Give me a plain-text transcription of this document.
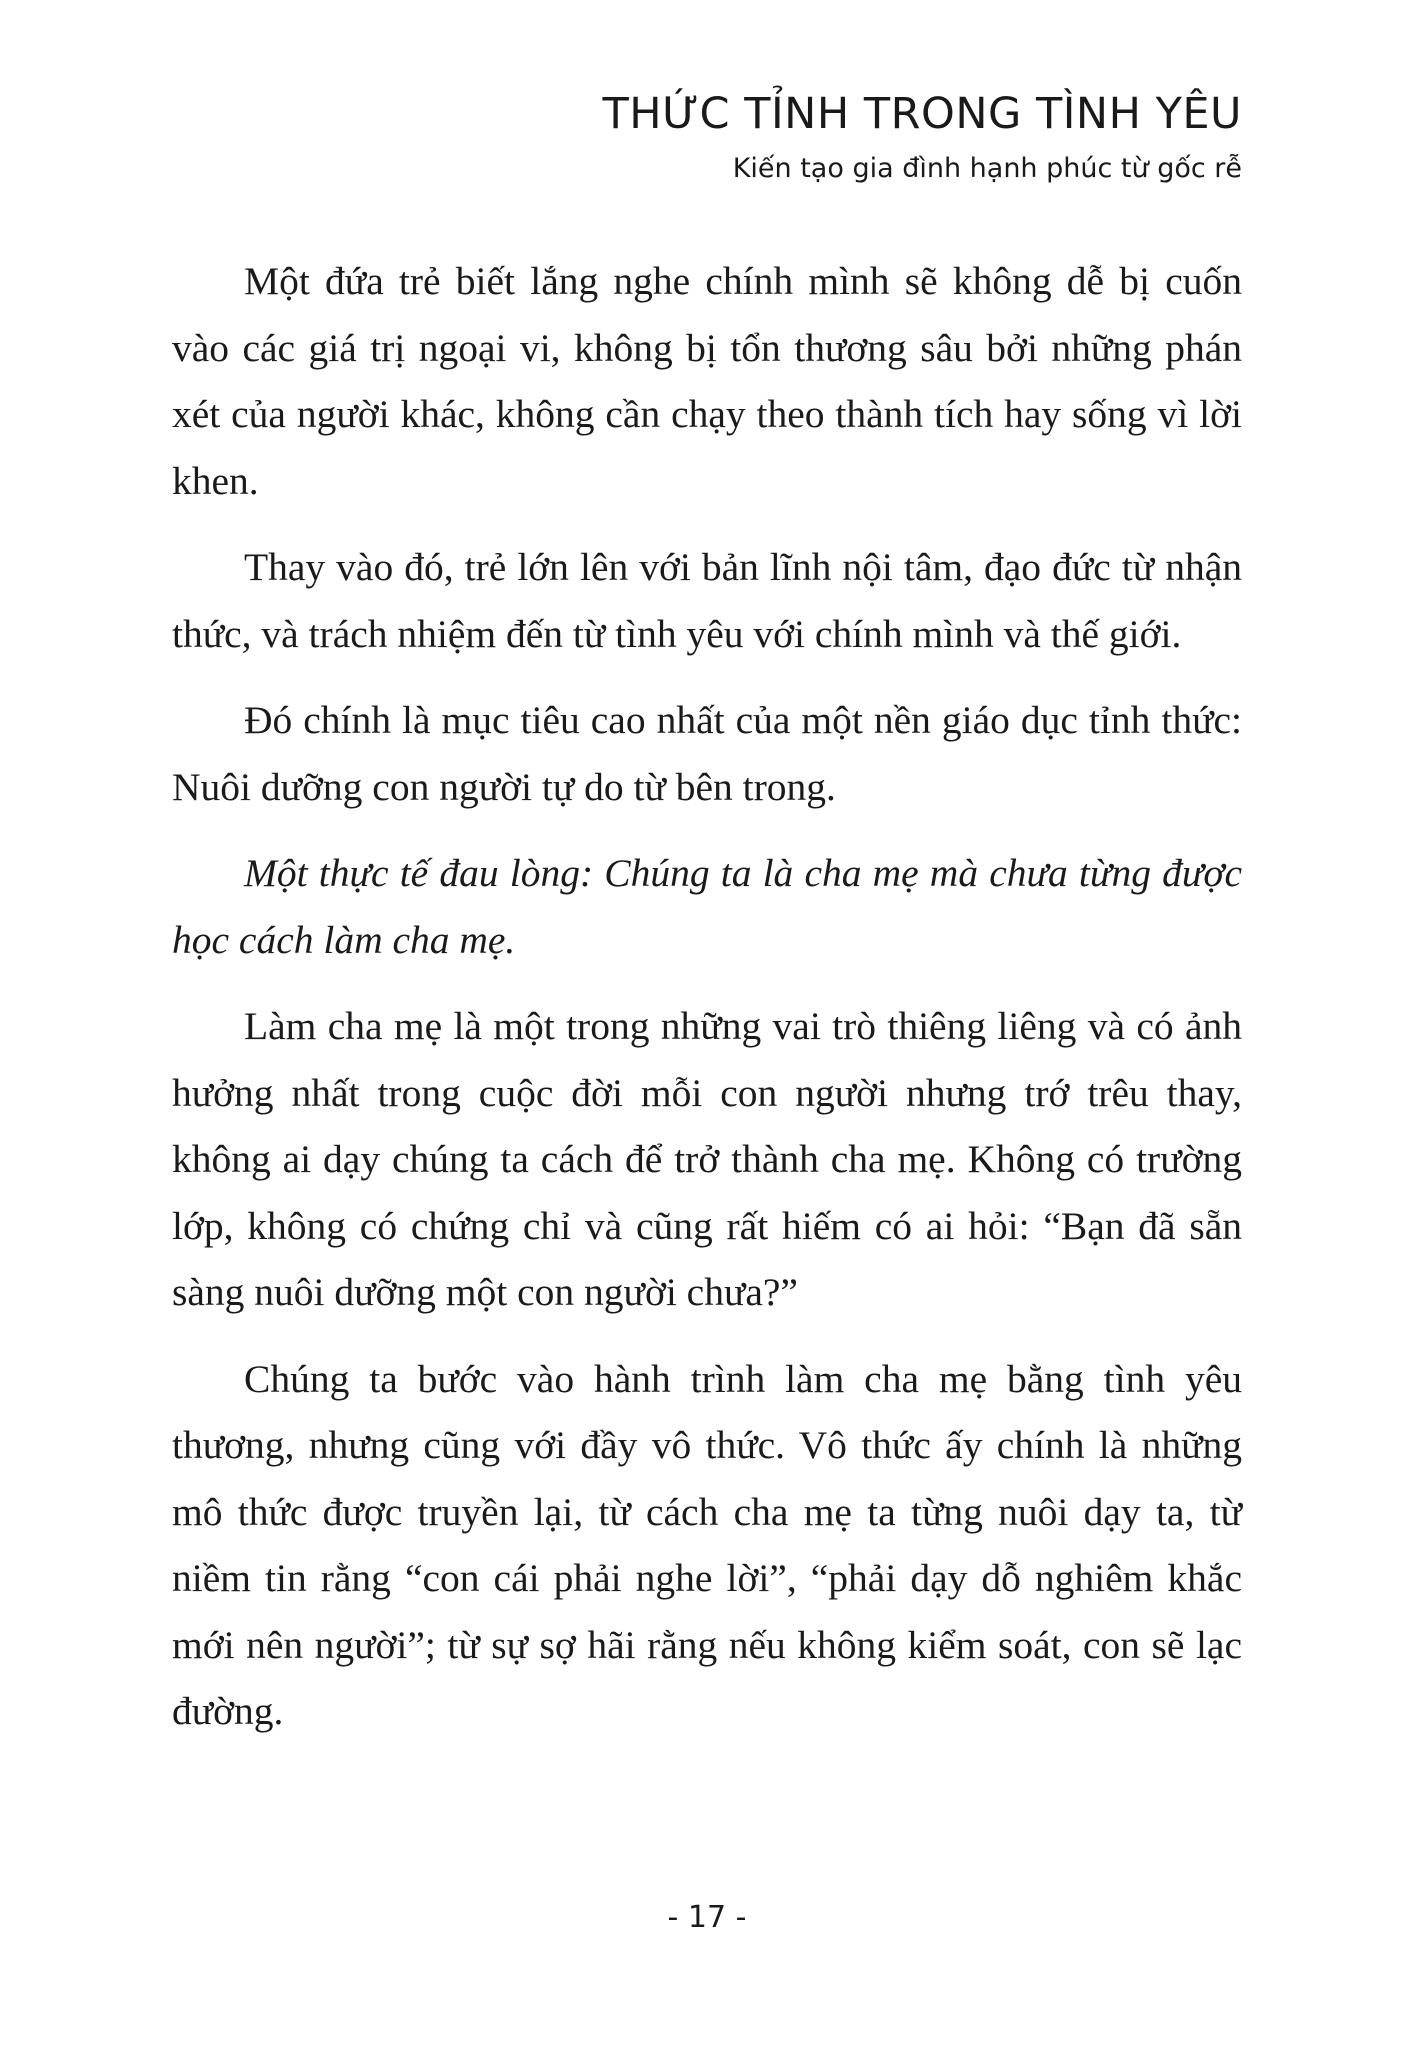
THỨC TỈNH TRONG TÌNH YÊU
Kiến tạo gia đình hạnh phúc từ gốc rễ

Một đứa trẻ biết lắng nghe chính mình sẽ không dễ bị cuốn vào các giá trị ngoại vi, không bị tổn thương sâu bởi những phán xét của người khác, không cần chạy theo thành tích hay sống vì lời khen.

Thay vào đó, trẻ lớn lên với bản lĩnh nội tâm, đạo đức từ nhận thức, và trách nhiệm đến từ tình yêu với chính mình và thế giới.

Đó chính là mục tiêu cao nhất của một nền giáo dục tỉnh thức: Nuôi dưỡng con người tự do từ bên trong.

Một thực tế đau lòng: Chúng ta là cha mẹ mà chưa từng được học cách làm cha mẹ.

Làm cha mẹ là một trong những vai trò thiêng liêng và có ảnh hưởng nhất trong cuộc đời mỗi con người nhưng trớ trêu thay, không ai dạy chúng ta cách để trở thành cha mẹ. Không có trường lớp, không có chứng chỉ và cũng rất hiếm có ai hỏi: “Bạn đã sẵn sàng nuôi dưỡng một con người chưa?”

Chúng ta bước vào hành trình làm cha mẹ bằng tình yêu thương, nhưng cũng với đầy vô thức. Vô thức ấy chính là những mô thức được truyền lại, từ cách cha mẹ ta từng nuôi dạy ta, từ niềm tin rằng “con cái phải nghe lời”, “phải dạy dỗ nghiêm khắc mới nên người”; từ sự sợ hãi rằng nếu không kiểm soát, con sẽ lạc đường.

- 17 -
